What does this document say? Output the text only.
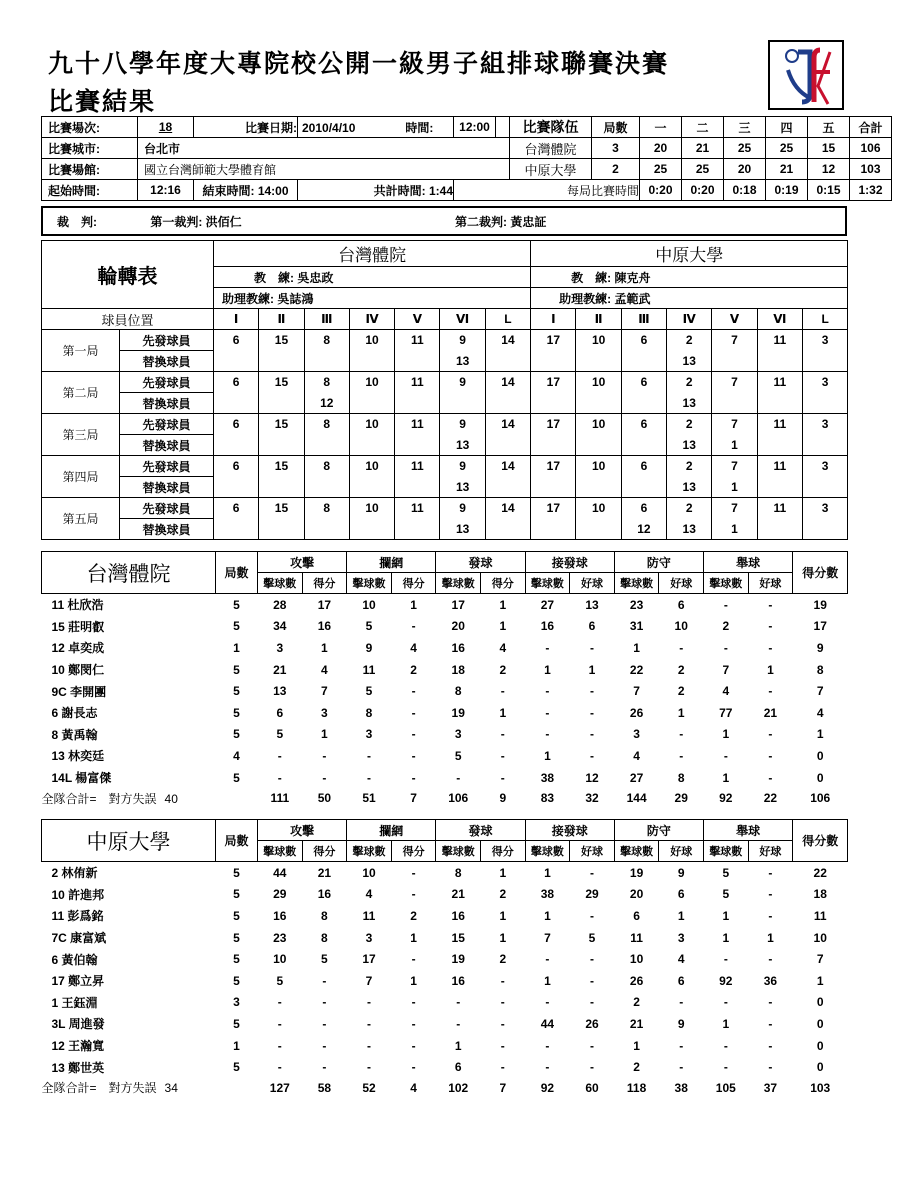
九十八學年度大專院校公開一級男子組排球聯賽決賽
比賽結果
比賽場次:	18	比賽日期:	2010/4/10 時間:	12:00		比賽隊伍	局數	一	二	三	四	五	合計
比賽城市:	台北市					台灣體院	3	20	21	25	25	15	106
比賽場館:	國立台灣師範大學體育館					中原大學	2	25	25	20	21	12	103
起始時間:	12:16	結束時間: 14:00	共計時間: 1:44	每局比賽時間				0:20	0:20	0:18	0:19	0:15	1:32
裁　判:	第一裁判: 洪佰仁	第二裁判: 黃忠証
輪轉表		台灣體院							中原大學						
		教　練: 吳忠政							教　練: 陳克舟						
		助理教練: 吳誌鴻							助理教練: 孟範武						
球員位置		Ⅰ	Ⅱ	Ⅲ	Ⅳ	Ⅴ	Ⅵ	L	Ⅰ	Ⅱ	Ⅲ	Ⅳ	Ⅴ	Ⅵ	L
第一局	先發球員	6	15	8	10	11	9	14	17	10	6	2	7	11	3
	替換球員						13					13			
第二局	先發球員	6	15	8	10	11	9	14	17	10	6	2	7	11	3
	替換球員			12								13			
第三局	先發球員	6	15	8	10	11	9	14	17	10	6	2	7	11	3
	替換球員						13					13	1		
第四局	先發球員	6	15	8	10	11	9	14	17	10	6	2	7	11	3
	替換球員						13					13	1		
第五局	先發球員	6	15	8	10	11	9	14	17	10	6	2	7	11	3
	替換球員						13				12	13	1		
台灣體院	局數	攻擊		攔網		發球		接發球		防守		舉球		得分數
		擊球數	得分	擊球數	得分	擊球數	得分	擊球數	好球	擊球數	好球	擊球數	好球	
11 杜欣浩	5	28	17	10	1	17	1	27	13	23	6	-	-	19
15 莊明叡	5	34	16	5	-	20	1	16	6	31	10	2	-	17
12 卓奕成	1	3	1	9	4	16	4	-	-	1	-	-	-	9
10 鄭閔仁	5	21	4	11	2	18	2	1	1	22	2	7	1	8
9C 李開團	5	13	7	5	-	8	-	-	-	7	2	4	-	7
6 謝長志	5	6	3	8	-	19	1	-	-	26	1	77	21	4
8 黃禹翰	5	5	1	3	-	3	-	-	-	3	-	1	-	1
13 林奕廷	4	-	-	-	-	5	-	1	-	4	-	-	-	0
14L 楊富傑	5	-	-	-	-	-	-	38	12	27	8	1	-	0
全隊合計= 對方失誤 40		111	50	51	7	106	9	83	32	144	29	92	22	106
中原大學	局數	攻擊		攔網		發球		接發球		防守		舉球		得分數
		擊球數	得分	擊球數	得分	擊球數	得分	擊球數	好球	擊球數	好球	擊球數	好球	
2 林侑新	5	44	21	10	-	8	1	1	-	19	9	5	-	22
10 許進邦	5	29	16	4	-	21	2	38	29	20	6	5	-	18
11 彭爲銘	5	16	8	11	2	16	1	1	-	6	1	1	-	11
7C 康富斌	5	23	8	3	1	15	1	7	5	11	3	1	1	10
6 黃伯翰	5	10	5	17	-	19	2	-	-	10	4	-	-	7
17 鄭立昇	5	5	-	7	1	16	-	1	-	26	6	92	36	1
1 王鈺淵	3	-	-	-	-	-	-	-	-	2	-	-	-	0
3L 周進發	5	-	-	-	-	-	-	44	26	21	9	1	-	0
12 王瀚寬	1	-	-	-	-	1	-	-	-	1	-	-	-	0
13 鄭世英	5	-	-	-	-	6	-	-	-	2	-	-	-	0
全隊合計= 對方失誤 34		127	58	52	4	102	7	92	60	118	38	105	37	103
